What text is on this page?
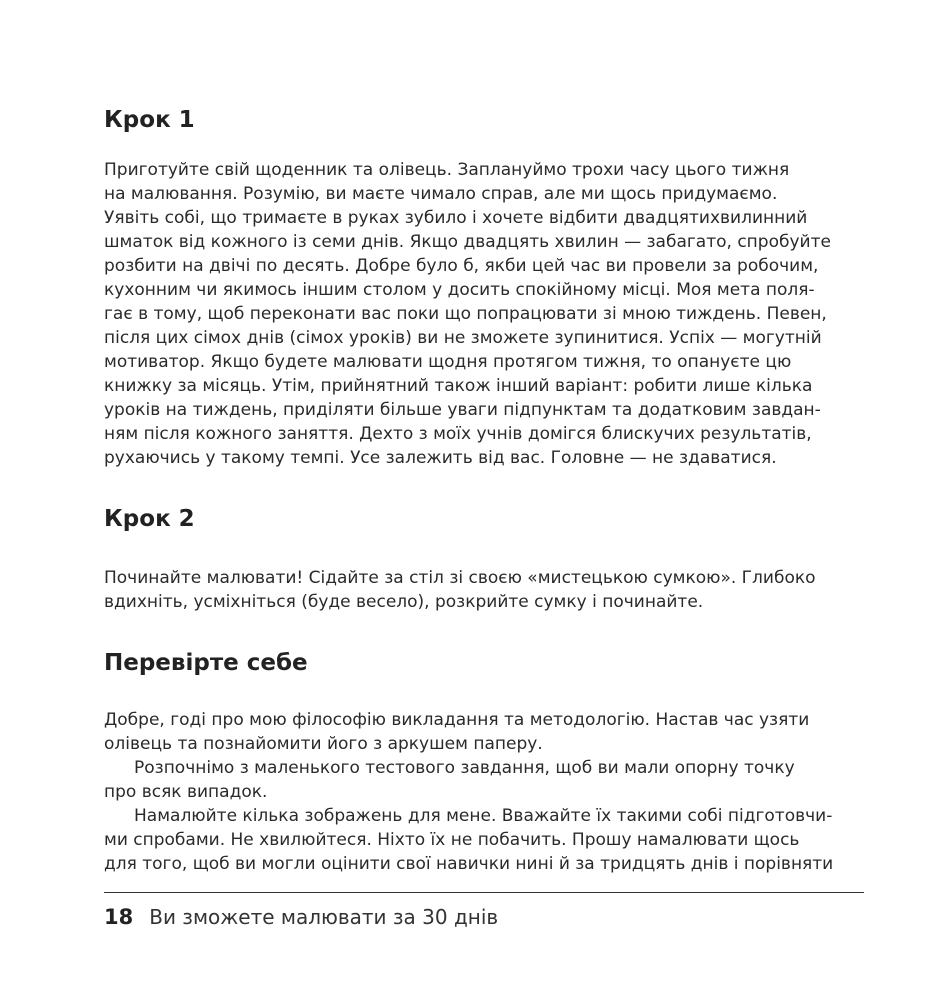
Крок 1
Приготуйте свій щоденник та олівець. Заплануймо трохи часу цього тижня
на малювання. Розумію, ви маєте чимало справ, але ми щось придумаємо.
Уявіть собі, що тримаєте в руках зубило і хочете відбити двадцятихвилинний
шматок від кожного із семи днів. Якщо двадцять хвилин — забагато, спробуйте
розбити на двічі по десять. Добре було б, якби цей час ви провели за робочим,
кухонним чи якимось іншим столом у досить спокійному місці. Моя мета поля-
гає в тому, щоб переконати вас поки що попрацювати зі мною тиждень. Певен,
після цих сімох днів (сімох уроків) ви не зможете зупинитися. Успіх — могутній
мотиватор. Якщо будете малювати щодня протягом тижня, то опануєте цю
книжку за місяць. Утім, прийнятний також інший варіант: робити лише кілька
уроків на тиждень, приділяти більше уваги підпунктам та додатковим завдан-
ням після кожного заняття. Дехто з моїх учнів домігся блискучих результатів,
рухаючись у такому темпі. Усе залежить від вас. Головне — не здаватися.
Крок 2
Починайте малювати! Сідайте за стіл зі своєю «мистецькою сумкою». Глибоко
вдихніть, усміхніться (буде весело), розкрийте сумку і починайте.
Перевірте себе
Добре, годі про мою філософію викладання та методологію. Настав час узяти
олівець та познайомити його з аркушем паперу.
Розпочнімо з маленького тестового завдання, щоб ви мали опорну точку
про всяк випадок.
Намалюйте кілька зображень для мене. Вважайте їх такими собі підготовчи-
ми спробами. Не хвилюйтеся. Ніхто їх не побачить. Прошу намалювати щось
для того, щоб ви могли оцінити свої навички нині й за тридцять днів і порівняти
18 Ви зможете малювати за 30 днів
